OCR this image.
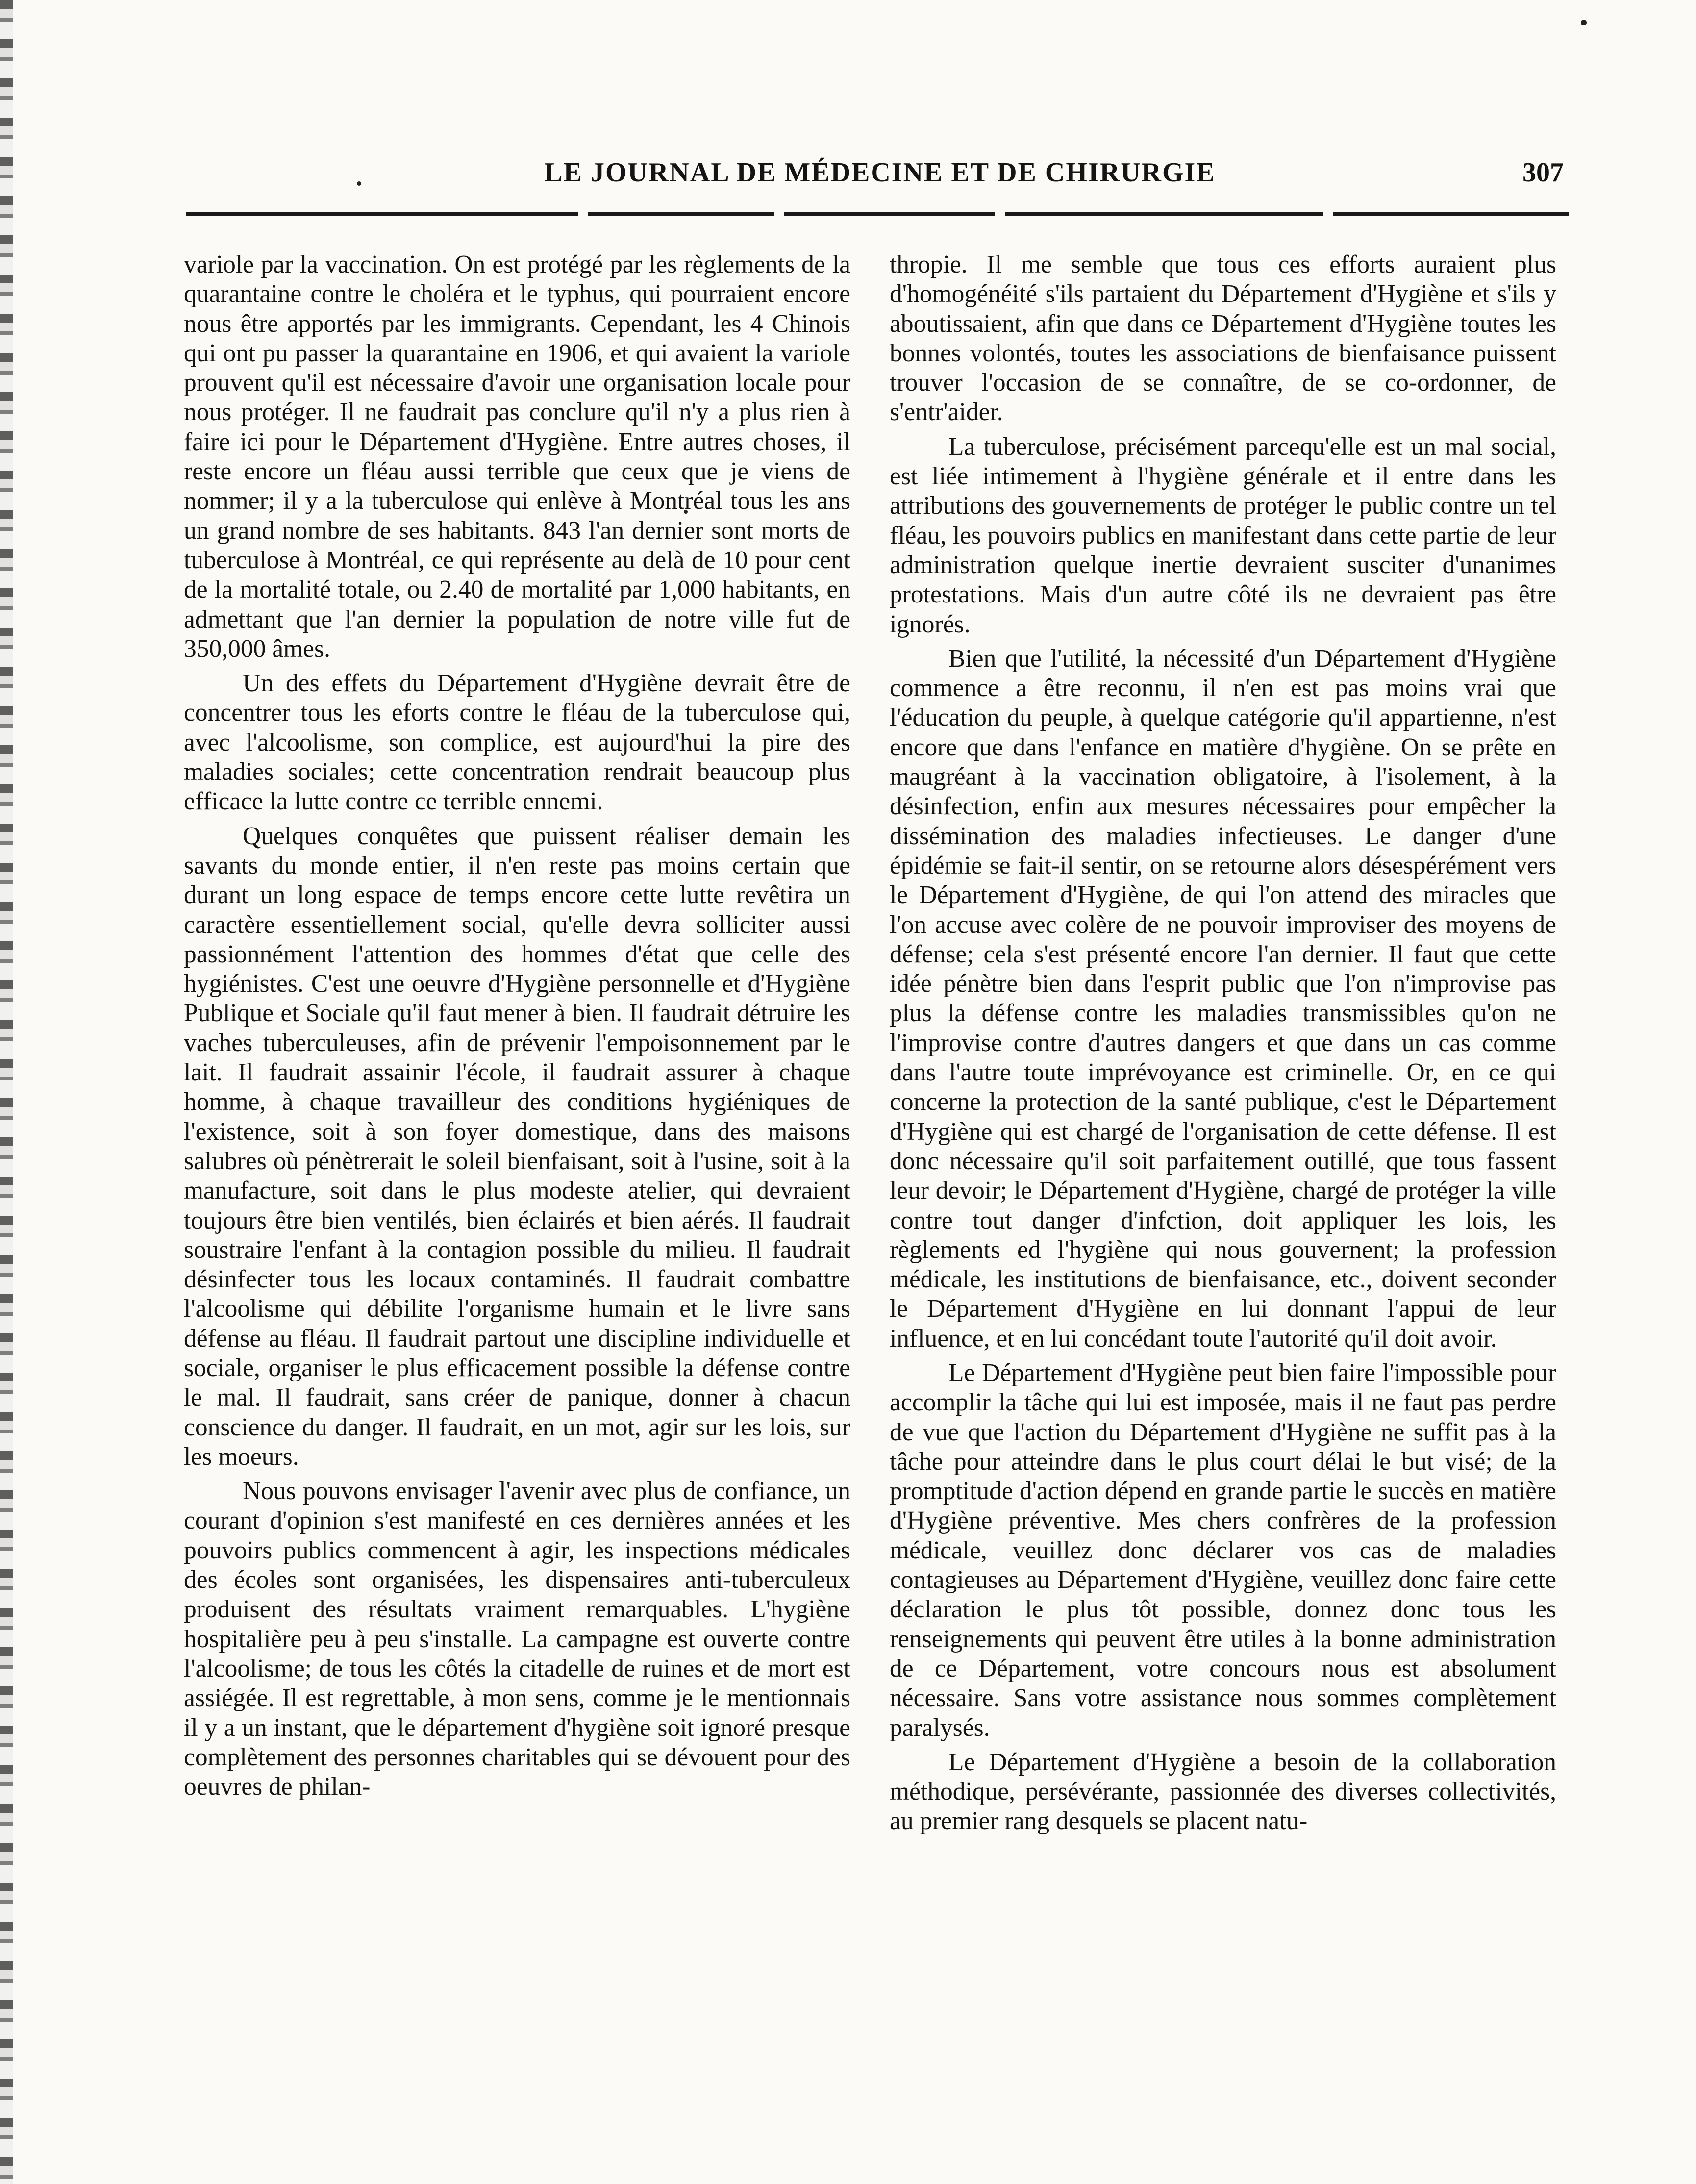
LE JOURNAL DE MÉDECINE ET DE CHIRURGIE	307

variole par la vaccination. On est protégé par les règlements de la quarantaine contre le choléra et le typhus, qui pourraient encore nous être apportés par les immigrants. Cependant, les 4 Chinois qui ont pu passer la quarantaine en 1906, et qui avaient la variole prouvent qu'il est nécessaire d'avoir une organisation locale pour nous protéger. Il ne faudrait pas conclure qu'il n'y a plus rien à faire ici pour le Département d'Hygiène. Entre autres choses, il reste encore un fléau aussi terrible que ceux que je viens de nommer; il y a la tuberculose qui enlève à Montréal tous les ans un grand nombre de ses habitants. 843 l'an dernier sont morts de tuberculose à Montréal, ce qui représente au delà de 10 pour cent de la mortalité totale, ou 2.40 de mortalité par 1,000 habitants, en admettant que l'an dernier la population de notre ville fut de 350,000 âmes.

Un des effets du Département d'Hygiène devrait être de concentrer tous les eforts contre le fléau de la tuberculose qui, avec l'alcoolisme, son complice, est aujourd'hui la pire des maladies sociales; cette concentration rendrait beaucoup plus efficace la lutte contre ce terrible ennemi.

Quelques conquêtes que puissent réaliser demain les savants du monde entier, il n'en reste pas moins certain que durant un long espace de temps encore cette lutte revêtira un caractère essentiellement social, qu'elle devra solliciter aussi passionnément l'attention des hommes d'état que celle des hygiénistes. C'est une oeuvre d'Hygiène personnelle et d'Hygiène Publique et Sociale qu'il faut mener à bien. Il faudrait détruire les vaches tuberculeuses, afin de prévenir l'empoisonnement par le lait. Il faudrait assainir l'école, il faudrait assurer à chaque homme, à chaque travailleur des conditions hygiéniques de l'existence, soit à son foyer domestique, dans des maisons salubres où pénètrerait le soleil bienfaisant, soit à l'usine, soit à la manufacture, soit dans le plus modeste atelier, qui devraient toujours être bien ventilés, bien éclairés et bien aérés. Il faudrait soustraire l'enfant à la contagion possible du milieu. Il faudrait désinfecter tous les locaux contaminés. Il faudrait combattre l'alcoolisme qui débilite l'organisme humain et le livre sans défense au fléau. Il faudrait partout une discipline individuelle et sociale, organiser le plus efficacement possible la défense contre le mal. Il faudrait, sans créer de panique, donner à chacun conscience du danger. Il faudrait, en un mot, agir sur les lois, sur les moeurs.

Nous pouvons envisager l'avenir avec plus de confiance, un courant d'opinion s'est manifesté en ces dernières années et les pouvoirs publics commencent à agir, les inspections médicales des écoles sont organisées, les dispensaires anti-tuberculeux produisent des résultats vraiment remarquables. L'hygiène hospitalière peu à peu s'installe. La campagne est ouverte contre l'alcoolisme; de tous les côtés la citadelle de ruines et de mort est assiégée. Il est regrettable, à mon sens, comme je le mentionnais il y a un instant, que le département d'hygiène soit ignoré presque complètement des personnes charitables qui se dévouent pour des oeuvres de philan-

thropie. Il me semble que tous ces efforts auraient plus d'homogénéité s'ils partaient du Département d'Hygiène et s'ils y aboutissaient, afin que dans ce Département d'Hygiène toutes les bonnes volontés, toutes les associations de bienfaisance puissent trouver l'occasion de se connaître, de se co-ordonner, de s'entr'aider.

La tuberculose, précisément parcequ'elle est un mal social, est liée intimement à l'hygiène générale et il entre dans les attributions des gouvernements de protéger le public contre un tel fléau, les pouvoirs publics en manifestant dans cette partie de leur administration quelque inertie devraient susciter d'unanimes protestations. Mais d'un autre côté ils ne devraient pas être ignorés.

Bien que l'utilité, la nécessité d'un Département d'Hygiène commence a être reconnu, il n'en est pas moins vrai que l'éducation du peuple, à quelque catégorie qu'il appartienne, n'est encore que dans l'enfance en matière d'hygiène. On se prête en maugréant à la vaccination obligatoire, à l'isolement, à la désinfection, enfin aux mesures nécessaires pour empêcher la dissémination des maladies infectieuses. Le danger d'une épidémie se fait-il sentir, on se retourne alors désespérément vers le Département d'Hygiène, de qui l'on attend des miracles que l'on accuse avec colère de ne pouvoir improviser des moyens de défense; cela s'est présenté encore l'an dernier. Il faut que cette idée pénètre bien dans l'esprit public que l'on n'improvise pas plus la défense contre les maladies transmissibles qu'on ne l'improvise contre d'autres dangers et que dans un cas comme dans l'autre toute imprévoyance est criminelle. Or, en ce qui concerne la protection de la santé publique, c'est le Département d'Hygiène qui est chargé de l'organisation de cette défense. Il est donc nécessaire qu'il soit parfaitement outillé, que tous fassent leur devoir; le Département d'Hygiène, chargé de protéger la ville contre tout danger d'infction, doit appliquer les lois, les règlements ed l'hygiène qui nous gouvernent; la profession médicale, les institutions de bienfaisance, etc., doivent seconder le Département d'Hygiène en lui donnant l'appui de leur influence, et en lui concédant toute l'autorité qu'il doit avoir.

Le Département d'Hygiène peut bien faire l'impossible pour accomplir la tâche qui lui est imposée, mais il ne faut pas perdre de vue que l'action du Département d'Hygiène ne suffit pas à la tâche pour atteindre dans le plus court délai le but visé; de la promptitude d'action dépend en grande partie le succès en matière d'Hygiène préventive. Mes chers confrères de la profession médicale, veuillez donc déclarer vos cas de maladies contagieuses au Département d'Hygiène, veuillez donc faire cette déclaration le plus tôt possible, donnez donc tous les renseignements qui peuvent être utiles à la bonne administration de ce Département, votre concours nous est absolument nécessaire. Sans votre assistance nous sommes complètement paralysés.

Le Département d'Hygiène a besoin de la collaboration méthodique, persévérante, passionnée des diverses collectivités, au premier rang desquels se placent natu-
